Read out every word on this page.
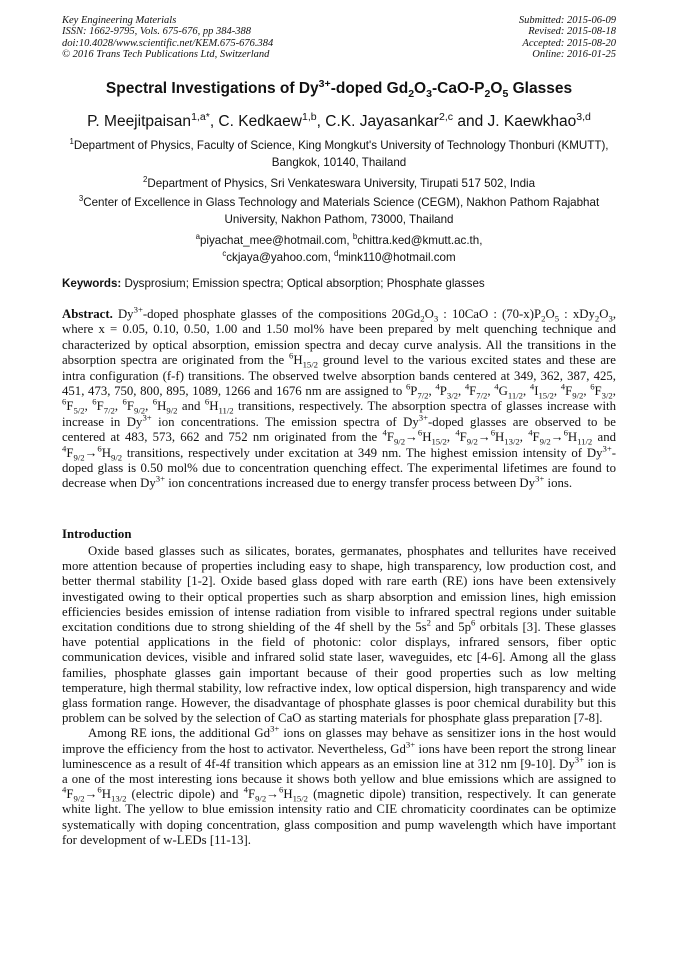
Key Engineering Materials
ISSN: 1662-9795, Vols. 675-676, pp 384-388
doi:10.4028/www.scientific.net/KEM.675-676.384
© 2016 Trans Tech Publications Ltd, Switzerland
Submitted: 2015-06-09
Revised: 2015-08-18
Accepted: 2015-08-20
Online: 2016-01-25
Spectral Investigations of $Dy^{3+}$-doped $Gd_2O_3-CaO-P_2O_5$ Glasses
P. Meejitpaisan$^{1,a*}$, C. Kedkaew$^{1,b}$, C.K. Jayasankar$^{2,c}$ and J. Kaewkhao$^{3,d}$
$^1$Department of Physics, Faculty of Science, King Mongkut's University of Technology Thonburi (KMUTT), Bangkok, 10140, Thailand
$^2$Department of Physics, Sri Venkateswara University, Tirupati 517 502, India
$^3$Center of Excellence in Glass Technology and Materials Science (CEGM), Nakhon Pathom Rajabhat University, Nakhon Pathom, 73000, Thailand
$^a$piyachat_mee@hotmail.com, $^b$chittra.ked@kmutt.ac.th,
$^c$ckjaya@yahoo.com, $^d$mink110@hotmail.com
Keywords: Dysprosium; Emission spectra; Optical absorption; Phosphate glasses
Abstract. $Dy^{3+}$-doped phosphate glasses of the compositions $20Gd_2O_3$ : 10CaO : $(70-x)P_2O_5$ : $xDy_2O_3$, where x = 0.05, 0.10, 0.50, 1.00 and 1.50 mol% have been prepared by melt quenching technique and characterized by optical absorption, emission spectra and decay curve analysis. All the transitions in the absorption spectra are originated from the $^6H_{15/2}$ ground level to the various excited states and these are intra configuration (f-f) transitions. The observed twelve absorption bands centered at 349, 362, 387, 425, 451, 473, 750, 800, 895, 1089, 1266 and 1676 nm are assigned to $^6P_{7/2}$, $^4P_{3/2}$, $^4F_{7/2}$, $^4G_{11/2}$, $^4I_{15/2}$, $^4F_{9/2}$, $^6F_{3/2}$, $^6F_{5/2}$, $^6F_{7/2}$, $^6F_{9/2}$, $^6H_{9/2}$ and $^6H_{11/2}$ transitions, respectively. The absorption spectra of glasses increase with increase in $Dy^{3+}$ ion concentrations. The emission spectra of $Dy^{3+}$-doped glasses are observed to be centered at 483, 573, 662 and 752 nm originated from the $^4F_{9/2}\to^6H_{15/2}$, $^4F_{9/2}\to^6H_{13/2}$, $^4F_{9/2}\to^6H_{11/2}$ and $^4F_{9/2}\to^6H_{9/2}$ transitions, respectively under excitation at 349 nm. The highest emission intensity of $Dy^{3+}$-doped glass is 0.50 mol% due to concentration quenching effect. The experimental lifetimes are found to decrease when $Dy^{3+}$ ion concentrations increased due to energy transfer process between $Dy^{3+}$ ions.
Introduction

Oxide based glasses such as silicates, borates, germanates, phosphates and tellurites have received more attention because of properties including easy to shape, high transparency, low production cost, and better thermal stability [1-2]. Oxide based glass doped with rare earth (RE) ions have been extensively investigated owing to their optical properties such as sharp absorption and emission lines, high emission efficiencies besides emission of intense radiation from visible to infrared spectral regions under suitable excitation conditions due to strong shielding of the 4f shell by the $5s^2$ and $5p^6$ orbitals [3]. These glasses have potential applications in the field of photonic: color displays, infrared sensors, fiber optic communication devices, visible and infrared solid state laser, waveguides, etc [4-6]. Among all the glass families, phosphate glasses gain important because of their good properties such as low melting temperature, high thermal stability, low refractive index, low optical dispersion, high transparency and wide glass formation range. However, the disadvantage of phosphate glasses is poor chemical durability but this problem can be solved by the selection of CaO as starting materials for phosphate glass preparation [7-8].

Among RE ions, the additional $Gd^{3+}$ ions on glasses may behave as sensitizer ions in the host would improve the efficiency from the host to activator. Nevertheless, $Gd^{3+}$ ions have been report the strong linear luminescence as a result of 4f-4f transition which appears as an emission line at 312 nm [9-10]. $Dy^{3+}$ ion is a one of the most interesting ions because it shows both yellow and blue emissions which are assigned to $^4F_{9/2}\to^6H_{13/2}$ (electric dipole) and $^4F_{9/2}\to^6H_{15/2}$ (magnetic dipole) transition, respectively. It can generate white light. The yellow to blue emission intensity ratio and CIE chromaticity coordinates can be optimize systematically with doping concentration, glass composition and pump wavelength which have important for development of w-LEDs [11-13].
